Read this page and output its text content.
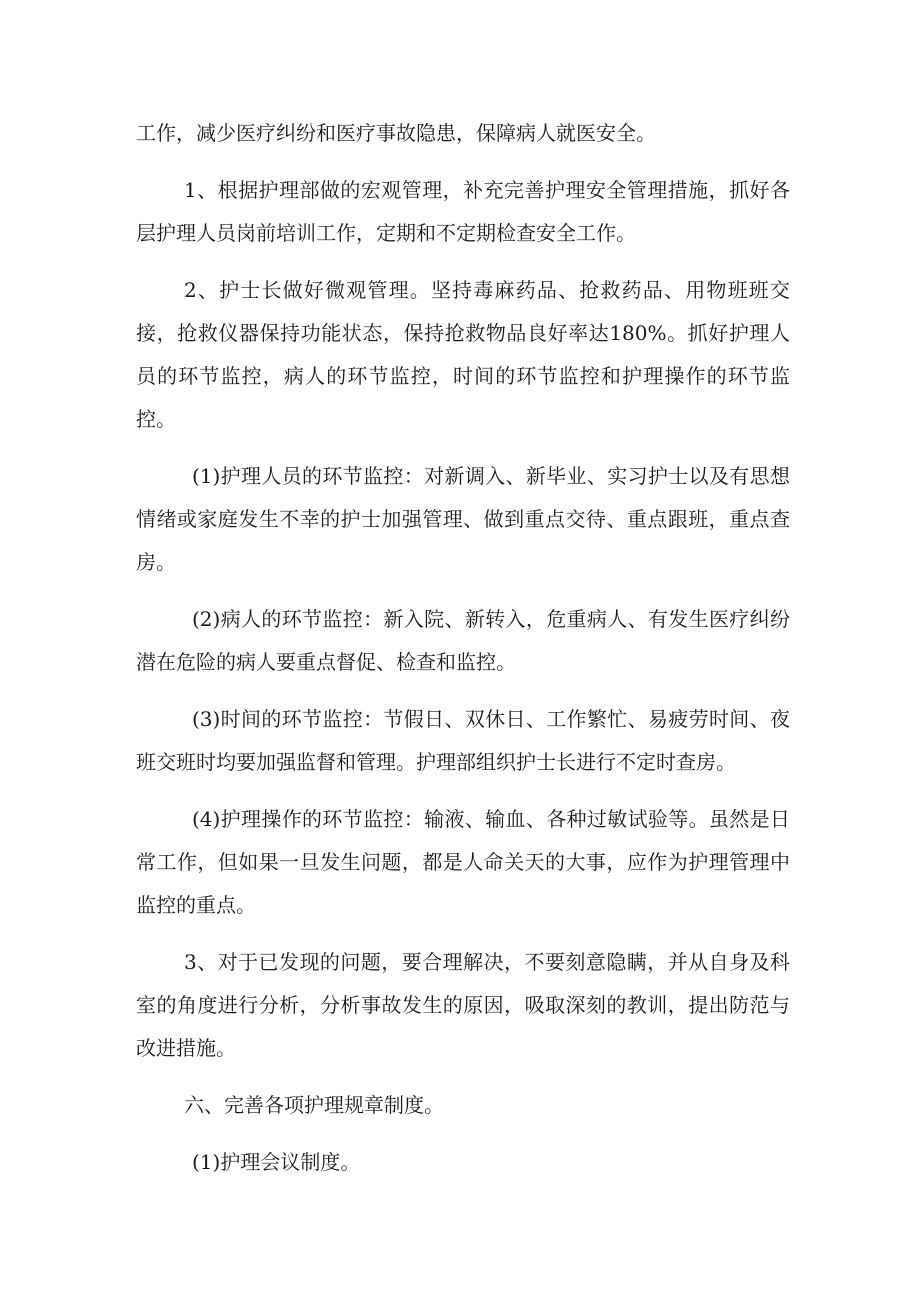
工作，减少医疗纠纷和医疗事故隐患，保障病人就医安全。

1、根据护理部做的宏观管理，补充完善护理安全管理措施，抓好各层护理人员岗前培训工作，定期和不定期检查安全工作。

2、护士长做好微观管理。坚持毒麻药品、抢救药品、用物班班交接，抢救仪器保持功能状态，保持抢救物品良好率达180%。抓好护理人员的环节监控，病人的环节监控，时间的环节监控和护理操作的环节监控。

(1)护理人员的环节监控：对新调入、新毕业、实习护士以及有思想情绪或家庭发生不幸的护士加强管理、做到重点交待、重点跟班，重点查房。

(2)病人的环节监控：新入院、新转入，危重病人、有发生医疗纠纷潜在危险的病人要重点督促、检查和监控。

(3)时间的环节监控：节假日、双休日、工作繁忙、易疲劳时间、夜班交班时均要加强监督和管理。护理部组织护士长进行不定时查房。

(4)护理操作的环节监控：输液、输血、各种过敏试验等。虽然是日常工作，但如果一旦发生问题，都是人命关天的大事，应作为护理管理中监控的重点。

3、对于已发现的问题，要合理解决，不要刻意隐瞒，并从自身及科室的角度进行分析，分析事故发生的原因，吸取深刻的教训，提出防范与改进措施。

六、完善各项护理规章制度。

(1)护理会议制度。
